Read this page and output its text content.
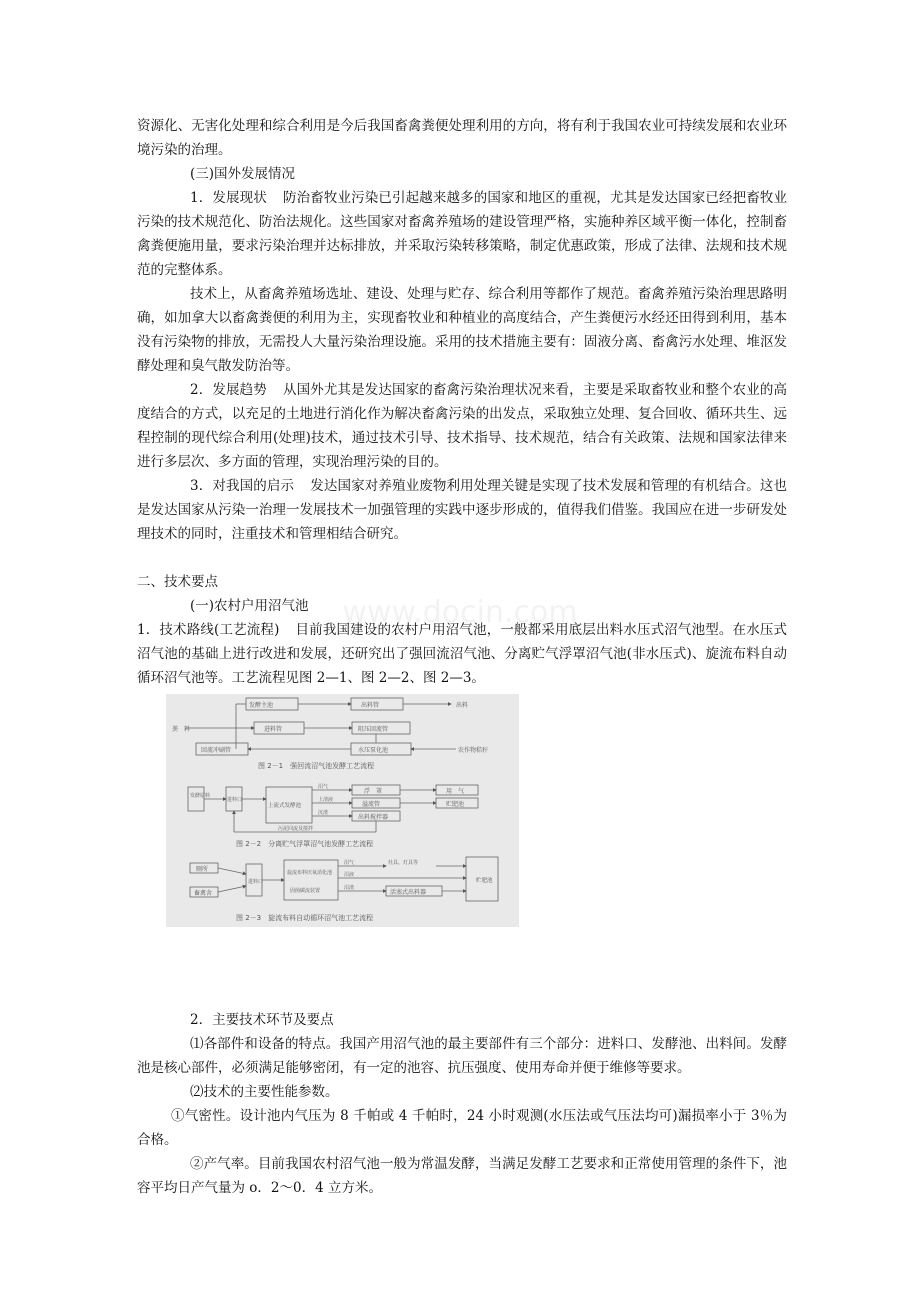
资源化、无害化处理和综合利用是今后我国畜禽粪便处理利用的方向，将有利于我国农业可持续发展和农业环境污染的治理。

(三)国外发展情况

1．发展现状 防治畜牧业污染已引起越来越多的国家和地区的重视，尤其是发达国家已经把畜牧业污染的技术规范化、防治法规化。这些国家对畜禽养殖场的建设管理严格，实施种养区域平衡一体化，控制畜禽粪便施用量，要求污染治理并达标排放，并采取污染转移策略，制定优惠政策，形成了法律、法规和技术规范的完整体系。

技术上，从畜禽养殖场选址、建设、处理与贮存、综合利用等都作了规范。畜禽养殖污染治理思路明确，如加拿大以畜禽粪便的利用为主，实现畜牧业和种植业的高度结合，产生粪便污水经还田得到利用，基本没有污染物的排放，无需投人大量污染治理设施。采用的技术措施主要有：固液分离、畜禽污水处理、堆沤发酵处理和臭气散发防治等。

2．发展趋势 从国外尤其是发达国家的畜禽污染治理状况来看，主要是采取畜牧业和整个农业的高度结合的方式，以充足的土地进行消化作为解决畜禽污染的出发点，采取独立处理、复合回收、循环共生、远程控制的现代综合利用(处理)技术，通过技术引导、技术指导、技术规范，结合有关政策、法规和国家法律来进行多层次、多方面的管理，实现治理污染的目的。

3．对我国的启示 发达国家对养殖业废物利用处理关键是实现了技术发展和管理的有机结合。这也是发达国家从污染一治理一发展技术一加强管理的实践中逐步形成的，值得我们借鉴。我国应在进一步研发处理技术的同时，注重技术和管理相结合研究。

二、技术要点

(一)农村户用沼气池

1．技术路线(工艺流程) 目前我国建设的农村户用沼气池，一般都采用底层出料水压式沼气池型。在水压式沼气池的基础上进行改进和发展，还研究出了强回流沼气池、分离贮气浮罩沼气池(非水压式)、旋流布料自动循环沼气池等。工艺流程见图 2—1、图 2—2、图 2—3。

发酵主池	出料管
进料管	阻压回流管
回流冲刷管	水压泵化池
出料
粪　料
农作物秸秆
图 2－1　强回流沼气池发酵工艺流程
发酵原料
进料口
上流式发酵池
浮　罩
溢流管
出料搅拌器
用　气
贮肥池
沼气
上清液
沉渣
污泥回流及搅拌
图 2－2　分离贮气浮罩沼气池发酵工艺流程
厕所
畜禽舍
进料口
旋流布料厌氧消化池
固菌碳流装置	活塞式出料器
贮肥池
沼气	灶具、灯具等
沼液
沼渣
图 2－3　旋流布料自动循环沼气池工艺流程

2．主要技术环节及要点

⑴各部件和设备的特点。我国产用沼气池的最主要部件有三个部分：进料口、发酵池、出料间。发酵池是核心部件，必须满足能够密闭，有一定的池容、抗压强度、使用寿命并便于维修等要求。

⑵技术的主要性能参数。

①气密性。设计池内气压为 8 千帕或 4 千帕时，24 小时观测(水压法或气压法均可)漏损率小于 3％为合格。

②产气率。目前我国农村沼气池一般为常温发酵，当满足发酵工艺要求和正常使用管理的条件下，池容平均日产气量为 o．2～0．4 立方米。

www.docin.com
